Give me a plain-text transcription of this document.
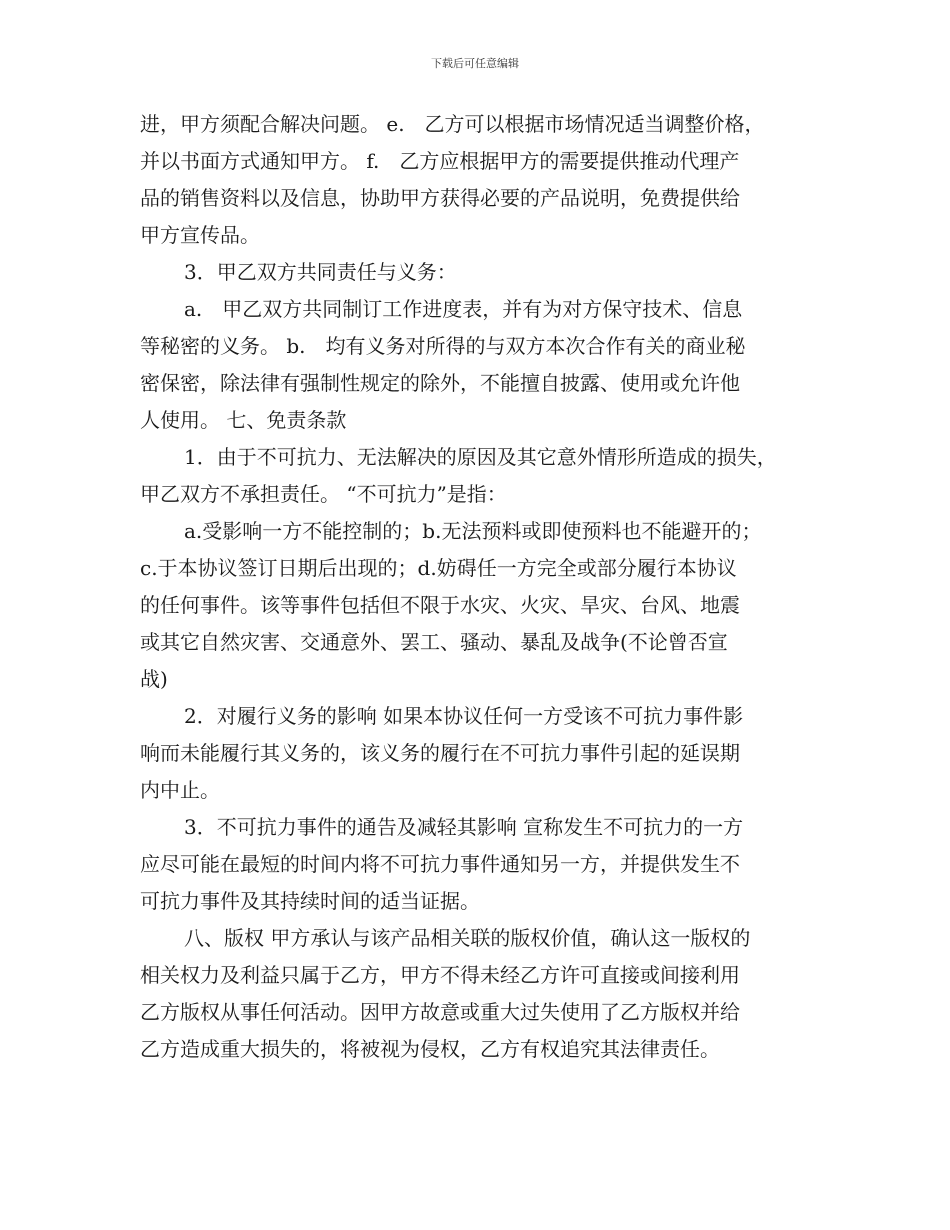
下载后可任意编辑
进，甲方须配合解决问题。 e.　乙方可以根据市场情况适当调整价格，
并以书面方式通知甲方。 f.　乙方应根据甲方的需要提供推动代理产
品的销售资料以及信息，协助甲方获得必要的产品说明，免费提供给
甲方宣传品。
3．甲乙双方共同责任与义务：
a.　甲乙双方共同制订工作进度表，并有为对方保守技术、信息
等秘密的义务。 b.　均有义务对所得的与双方本次合作有关的商业秘
密保密，除法律有强制性规定的除外，不能擅自披露、使用或允许他
人使用。 七、免责条款
1．由于不可抗力、无法解决的原因及其它意外情形所造成的损失，
甲乙双方不承担责任。 “不可抗力”是指：
a.受影响一方不能控制的；b.无法预料或即使预料也不能避开的；
c.于本协议签订日期后出现的；d.妨碍任一方完全或部分履行本协议
的任何事件。该等事件包括但不限于水灾、火灾、旱灾、台风、地震
或其它自然灾害、交通意外、罢工、骚动、暴乱及战争(不论曾否宣
战)
2．对履行义务的影响 如果本协议任何一方受该不可抗力事件影
响而未能履行其义务的，该义务的履行在不可抗力事件引起的延误期
内中止。
3．不可抗力事件的通告及减轻其影响 宣称发生不可抗力的一方
应尽可能在最短的时间内将不可抗力事件通知另一方，并提供发生不
可抗力事件及其持续时间的适当证据。
八、版权 甲方承认与该产品相关联的版权价值，确认这一版权的
相关权力及利益只属于乙方，甲方不得未经乙方许可直接或间接利用
乙方版权从事任何活动。因甲方故意或重大过失使用了乙方版权并给
乙方造成重大损失的，将被视为侵权，乙方有权追究其法律责任。
